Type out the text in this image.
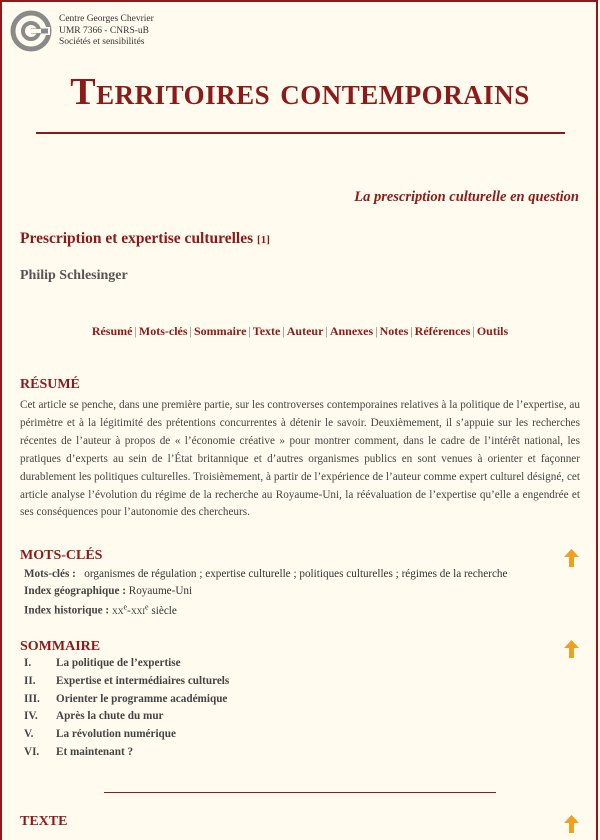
Centre Georges Chevrier
UMR 7366 - CNRS-uB
Sociétés et sensibilités
Territoires contemporains
La prescription culturelle en question
Prescription et expertise culturelles [1]
Philip Schlesinger
Résumé | Mots-clés | Sommaire | Texte | Auteur | Annexes | Notes | Références | Outils
RÉSUMÉ
Cet article se penche, dans une première partie, sur les controverses contemporaines relatives à la politique de l’expertise, au périmètre et à la légitimité des prétentions concurrentes à détenir le savoir. Deuxièmement, il s’appuie sur les recherches récentes de l’auteur à propos de « l’économie créative » pour montrer comment, dans le cadre de l’intérêt national, les pratiques d’experts au sein de l’État britannique et d’autres organismes publics en sont venues à orienter et façonner durablement les politiques culturelles. Troisièmement, à partir de l’expérience de l’auteur comme expert culturel désigné, cet article analyse l’évolution du régime de la recherche au Royaume-Uni, la réévaluation de l’expertise qu’elle a engendrée et ses conséquences pour l’autonomie des chercheurs.
MOTS-CLÉS
Mots-clés : organismes de régulation ; expertise culturelle ; politiques culturelles ; régimes de la recherche
Index géographique : Royaume-Uni
Index historique : $xx^e-xxi^e$ siècle
SOMMAIRE
I.	La politique de l’expertise
II.	Expertise et intermédiaires culturels
III.	Orienter le programme académique
IV.	Après la chute du mur
V.	La révolution numérique
VI.	Et maintenant ?
TEXTE
